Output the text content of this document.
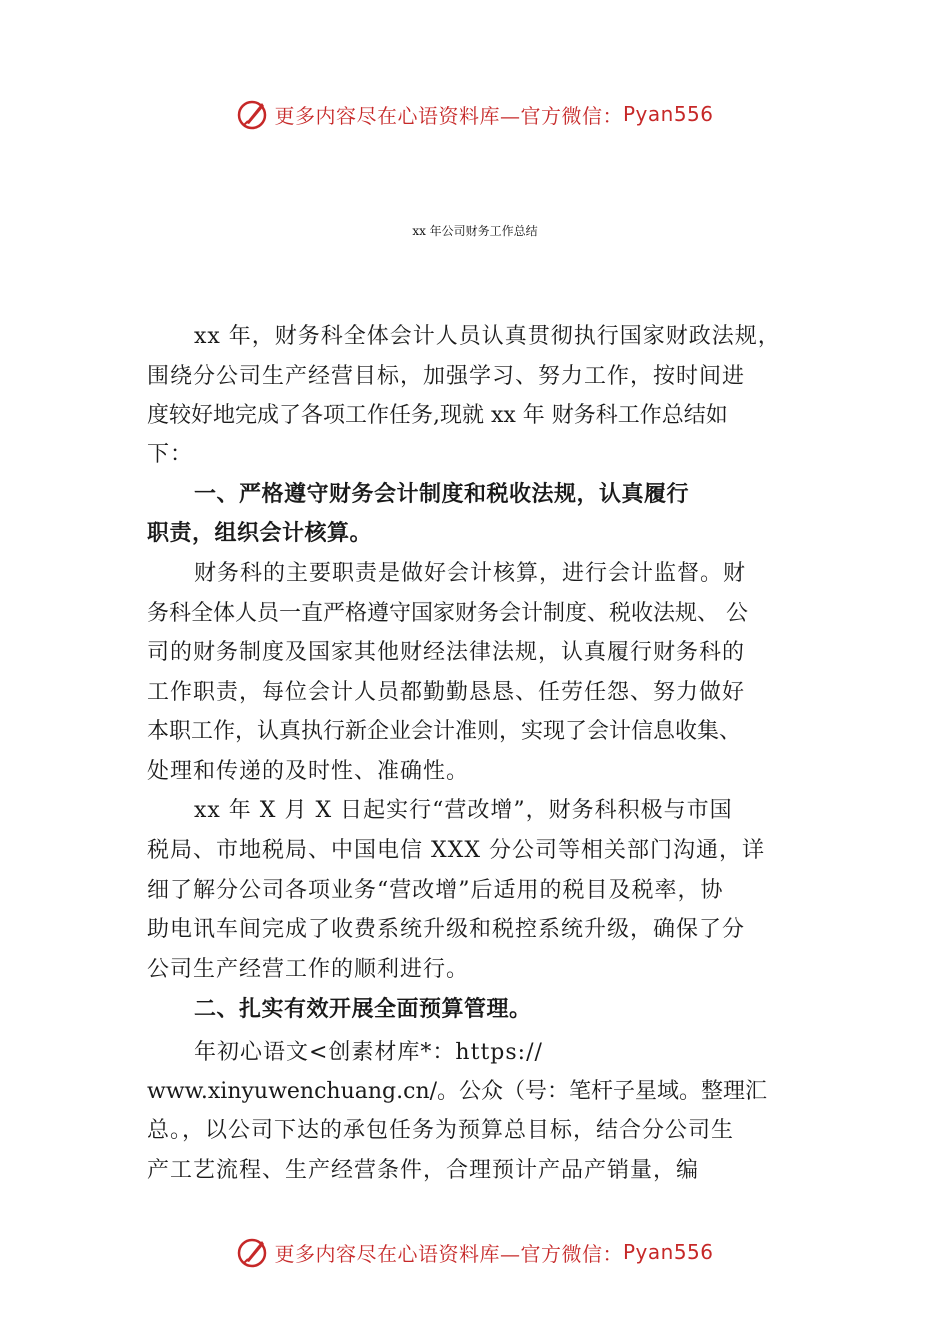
更多内容尽在心语资料库—官方微信： Pyan556
xx 年公司财务工作总结
xx 年，财务科全体会计人员认真贯彻执行国家财政法规，
围绕分公司生产经营目标，加强学习、努力工作，按时间进
度较好地完成了各项工作任务,现就 xx 年 财务科工作总结如
下：
一、严格遵守财务会计制度和税收法规，认真履行
职责，组织会计核算。
财务科的主要职责是做好会计核算，进行会计监督。财
务科全体人员一直严格遵守国家财务会计制度、税收法规、 公
司的财务制度及国家其他财经法律法规，认真履行财务科的
工作职责，每位会计人员都勤勤恳恳、任劳任怨、努力做好
本职工作，认真执行新企业会计准则，实现了会计信息收集、
处理和传递的及时性、准确性。
xx 年 X 月 X 日起实行“营改增”，财务科积极与市国
税局、市地税局、中国电信 XXX 分公司等相关部门沟通，详
细了解分公司各项业务“营改增”后适用的税目及税率，协
助电讯车间完成了收费系统升级和税控系统升级，确保了分
公司生产经营工作的顺利进行。
二、扎实有效开展全面预算管理。
年初心语文<创素材库*：https://
www.xinyuwenchuang.cn/。公众（号：笔杆子星域。整理汇
总。，以公司下达的承包任务为预算总目标，结合分公司生
产工艺流程、生产经营条件，合理预计产品产销量，编
更多内容尽在心语资料库—官方微信： Pyan556
